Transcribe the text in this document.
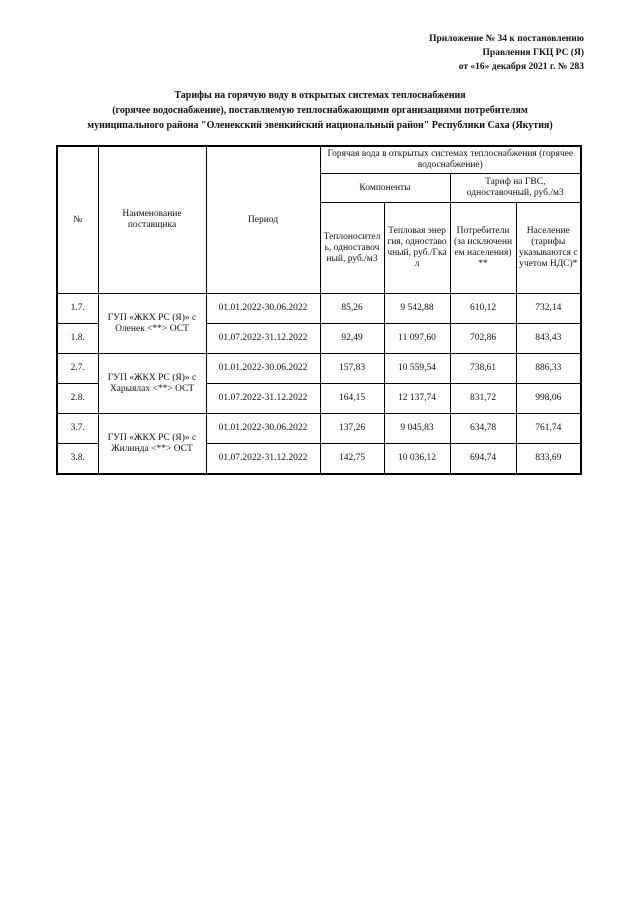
Приложение № 34 к постановлению
Правления ГКЦ РС (Я)
от «16» декабря 2021 г. № 283
Тарифы на горячую воду в открытых системах теплоснабжения
(горячее водоснабжение), поставляемую теплоснабжающими организациями потребителям
муниципального района "Оленекский эвенкийский национальный район" Республики Саха (Якутия)
№	Наименование поставщика	Период	Горячая вода в открытых системах теплоснабжения (горячее водоснабжение)			
			Компоненты		Тариф на ГВС, одноставочный, руб./м3	
			Теплоноситель, одноставочный, руб./м3	Тепловая энергия, одноставочный, руб./Гкал	Потребители (за исключением населения)**	Население (тарифы указываются с учетом НДС)*
1.7.	ГУП «ЖКХ РС (Я)» с Оленек <**> ОСТ	01.01.2022-30.06.2022	85,26	9 542,88	610,12	732,14
1.8.		01.07.2022-31.12.2022	92,49	11 097,60	702,86	843,43
2.7.	ГУП «ЖКХ РС (Я)» с Харыялах <**> ОСТ	01.01.2022-30.06.2022	157,83	10 559,54	738,61	886,33
2.8.		01.07.2022-31.12.2022	164,15	12 137,74	831,72	998,06
3.7.	ГУП «ЖКХ РС (Я)» с Жилинда <**> ОСТ	01.01.2022-30.06.2022	137,26	9 045,83	634,78	761,74
3.8.		01.07.2022-31.12.2022	142,75	10 036,12	694,74	833,69
